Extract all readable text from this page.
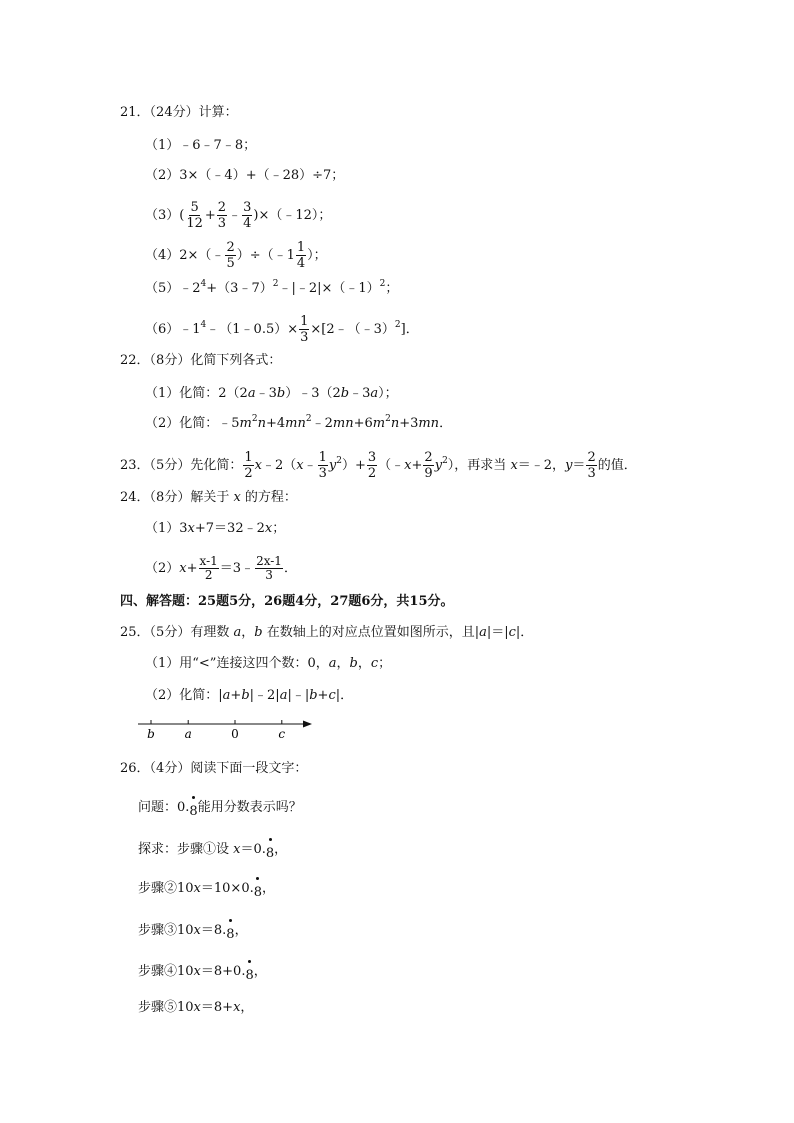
21．（24分）计算：
（1）﹣6﹣7﹣8；
（2）3×（﹣4）+（﹣28）÷7；
$(3)( \frac{5}{12} + \frac{2}{3}$ ﹣ $\frac{3}{4}$ )×（﹣12）；
（4）2×（﹣ $\frac{2}{5}$ ）÷（﹣1 $\frac{1}{4}$ ）；
$(5)﹣2^4+(3﹣7)^2﹣|﹣2|\times(﹣1)^2$；
$(6)﹣1^4﹣(1﹣0.5)\times \frac{1}{3}$ ×[2﹣（﹣3）$^2$]．
22．（8分）化简下列各式：
（1）化简：2（2a﹣3b）﹣3（2b﹣3a）；
（2）化简：$﹣5m^2n+4mn^2﹣2mn+6m^2n+3mn$．
23．（5分）先化简： $\frac{1}{2}$ x﹣2（x﹣ $\frac{1}{3} y^2)+ \frac{3}{2}$ （﹣x+ $\frac{2}{9} y^2$），再求当 x＝﹣2，$y= \frac{2}{3}$ 的值．
24．（8分）解关于 x 的方程：
（1）3x+7＝32﹣2x；
$(2)x+ \frac{x-1}{2}$ ＝3﹣ $\frac{2x-1}{3}$ ．
四、解答题：25题5分，26题4分，27题6分，共15分。
25．（5分）有理数 a，b 在数轴上的对应点位置如图所示，且|a|＝|c|．
（1）用“<”连接这四个数：0，a，b，c；
（2）化简：|a+b|﹣2|a|﹣|b+c|．
b a	0	c
26．（4分）阅读下面一段文字：
问题：0.8能用分数表示吗？
探求：步骤①设 x＝0.8，
步骤②10x＝10×0.8，
步骤③10x＝8.8，
步骤④10x＝8+0.8，
步骤⑤10x＝8+x，
